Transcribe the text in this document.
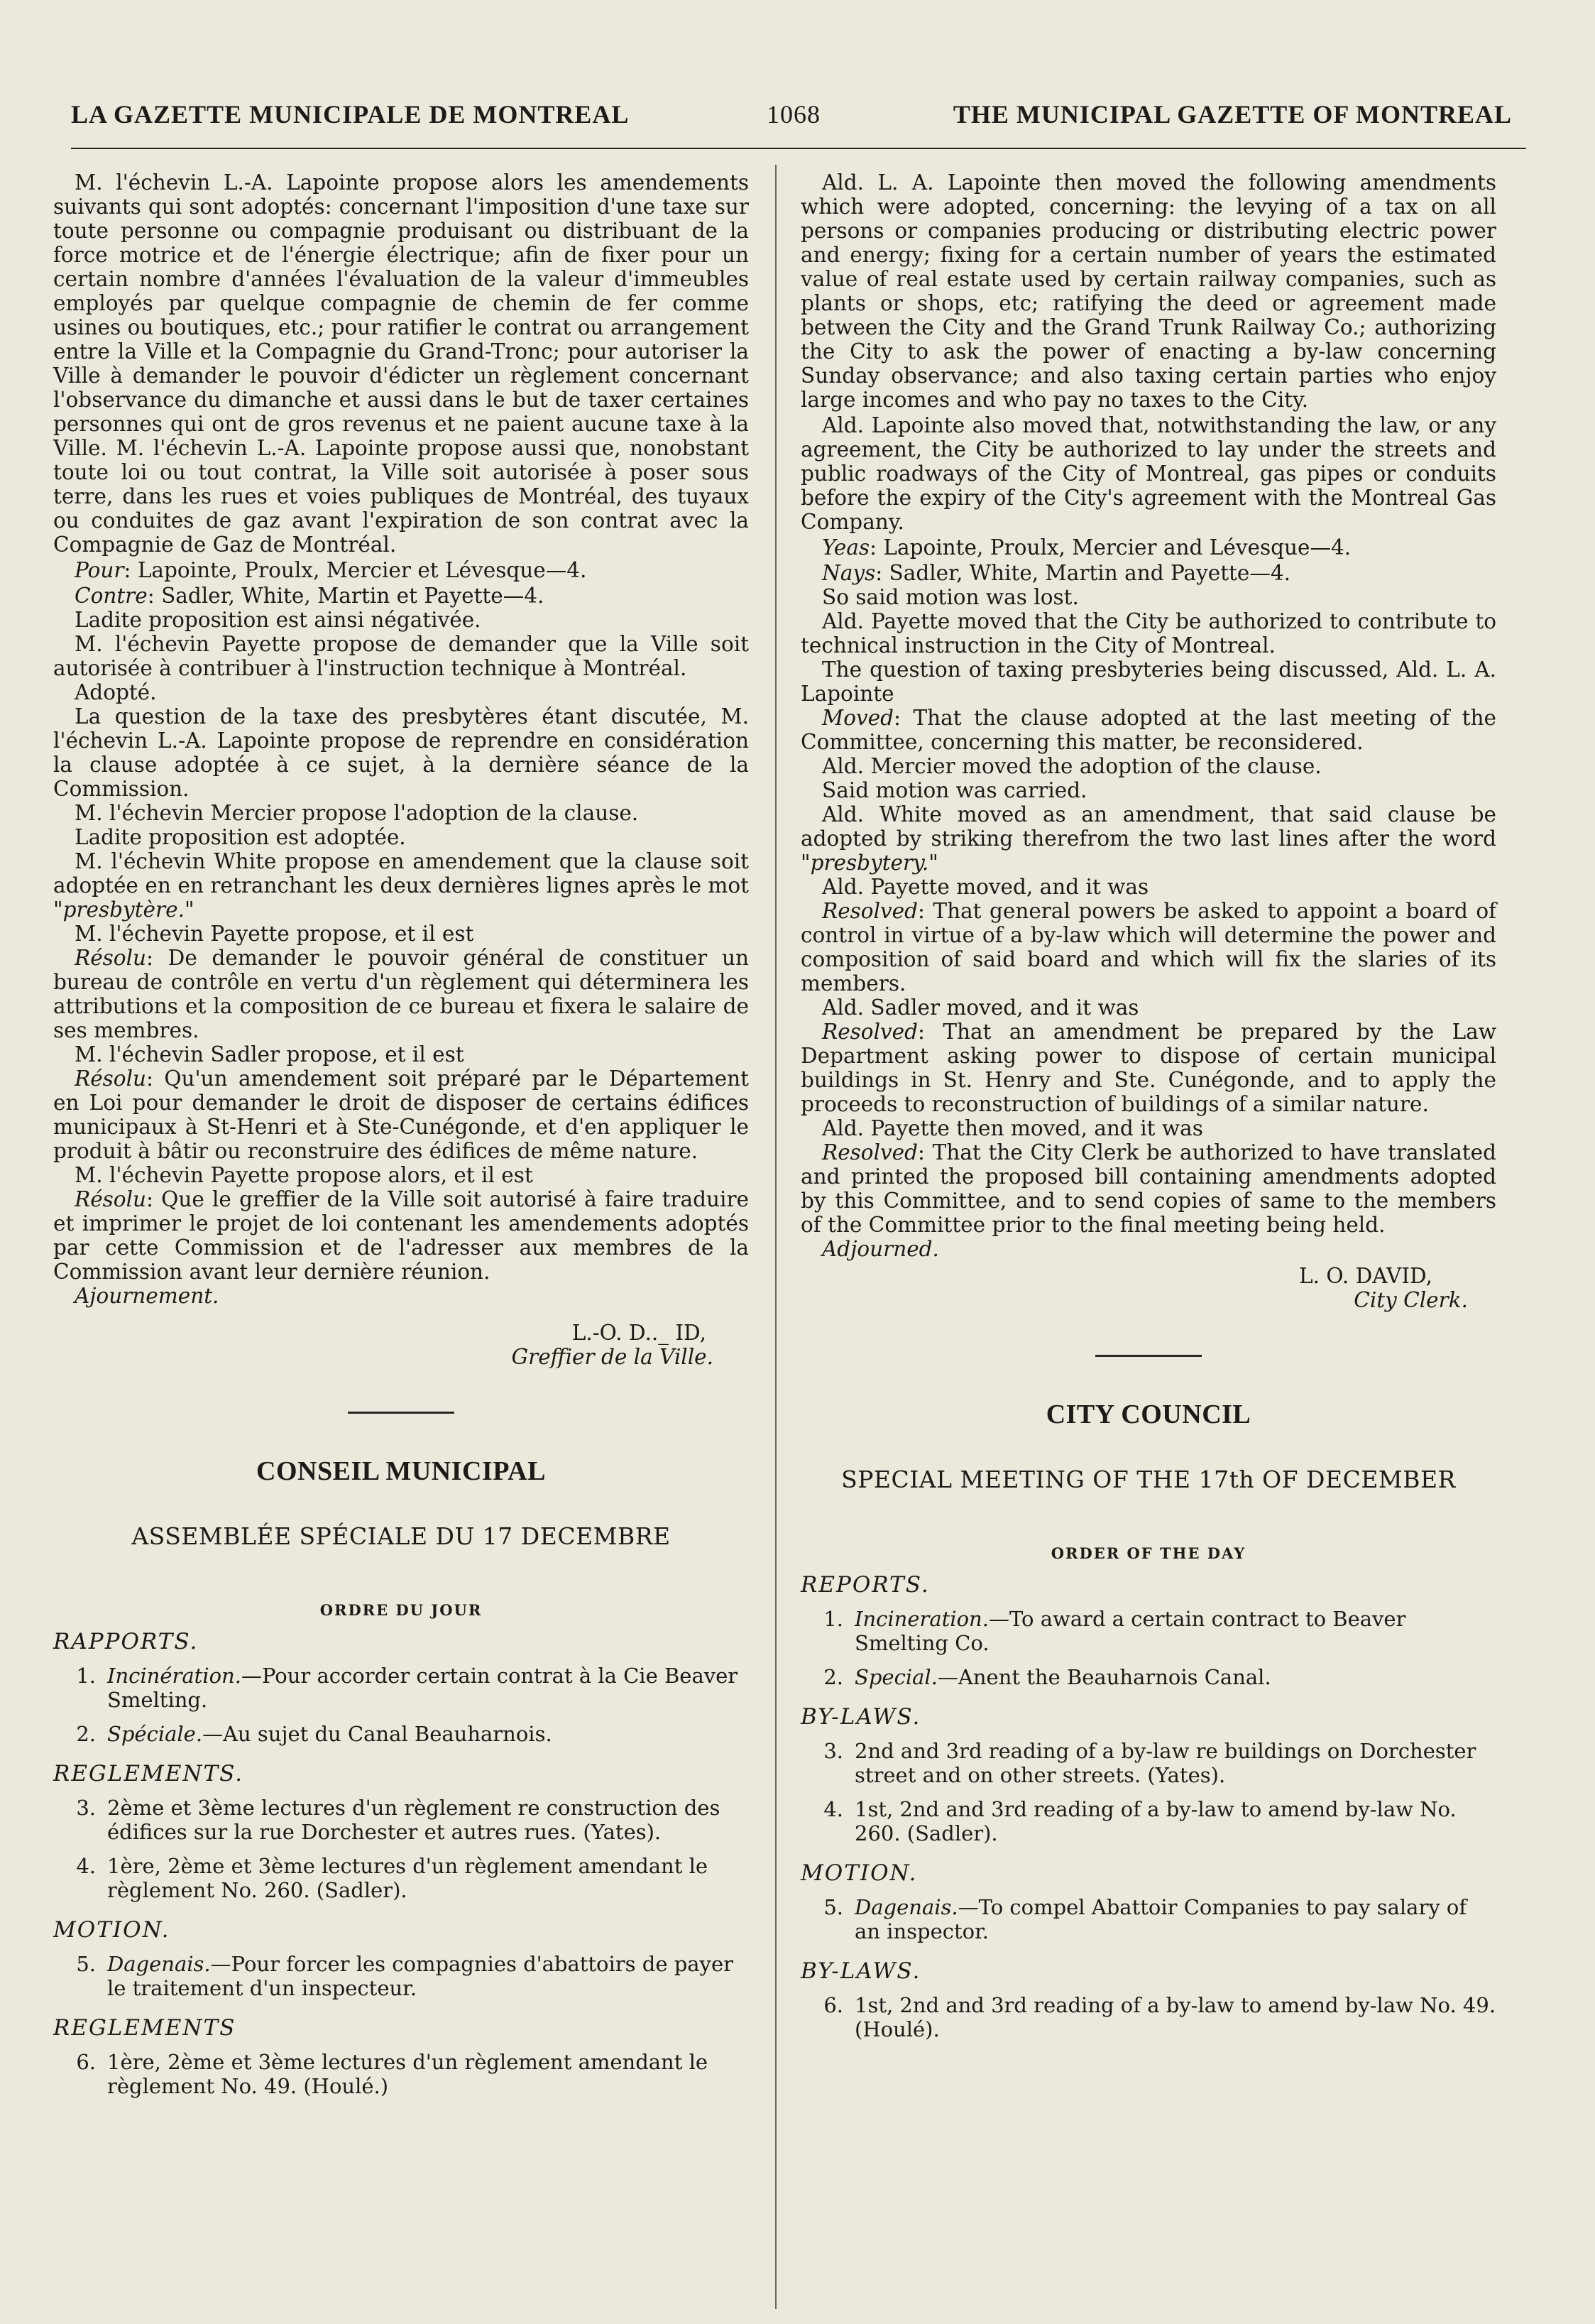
LA GAZETTE MUNICIPALE DE MONTREAL	1068	THE MUNICIPAL GAZETTE OF MONTREAL

M. l'échevin L.-A. Lapointe propose alors les amendements suivants qui sont adoptés: concernant l'imposition d'une taxe sur toute personne ou compagnie produisant ou distribuant de la force motrice et de l'énergie électrique; afin de fixer pour un certain nombre d'années l'évaluation de la valeur d'immeubles employés par quelque compagnie de chemin de fer comme usines ou boutiques, etc.; pour ratifier le contrat ou arrangement entre la Ville et la Compagnie du Grand-Tronc; pour autoriser la Ville à demander le pouvoir d'édicter un règlement concernant l'observance du dimanche et aussi dans le but de taxer certaines personnes qui ont de gros revenus et ne paient aucune taxe à la Ville. M. l'échevin L.-A. Lapointe propose aussi que, nonobstant toute loi ou tout contrat, la Ville soit autorisée à poser sous terre, dans les rues et voies publiques de Montréal, des tuyaux ou conduites de gaz avant l'expiration de son contrat avec la Compagnie de Gaz de Montréal.

Pour: Lapointe, Proulx, Mercier et Lévesque—4.

Contre: Sadler, White, Martin et Payette—4.

Ladite proposition est ainsi négativée.

M. l'échevin Payette propose de demander que la Ville soit autorisée à contribuer à l'instruction technique à Montréal.

Adopté.

La question de la taxe des presbytères étant discutée, M. l'échevin L.-A. Lapointe propose de reprendre en considération la clause adoptée à ce sujet, à la dernière séance de la Commission.

M. l'échevin Mercier propose l'adoption de la clause.

Ladite proposition est adoptée.

M. l'échevin White propose en amendement que la clause soit adoptée en en retranchant les deux dernières lignes après le mot "presbytère."

M. l'échevin Payette propose, et il est

Résolu: De demander le pouvoir général de constituer un bureau de contrôle en vertu d'un règlement qui déterminera les attributions et la composition de ce bureau et fixera le salaire de ses membres.

M. l'échevin Sadler propose, et il est

Résolu: Qu'un amendement soit préparé par le Département en Loi pour demander le droit de disposer de certains édifices municipaux à St-Henri et à Ste-Cunégonde, et d'en appliquer le produit à bâtir ou reconstruire des édifices de même nature.

M. l'échevin Payette propose alors, et il est

Résolu: Que le greffier de la Ville soit autorisé à faire traduire et imprimer le projet de loi contenant les amendements adoptés par cette Commission et de l'adresser aux membres de la Commission avant leur dernière réunion.

Ajournement.

L.-O. D.._ ID,
Greffier de la Ville.
CONSEIL MUNICIPAL
ASSEMBLÉE SPÉCIALE DU 17 DECEMBRE
ORDRE DU JOUR
RAPPORTS.
1. Incinération.—Pour accorder certain contrat à la Cie Beaver Smelting.
2. Spéciale.—Au sujet du Canal Beauharnois.
REGLEMENTS.
3. 2ème et 3ème lectures d'un règlement re construction des édifices sur la rue Dorchester et autres rues. (Yates).
4. 1ère, 2ème et 3ème lectures d'un règlement amendant le règlement No. 260. (Sadler).
MOTION.
5. Dagenais.—Pour forcer les compagnies d'abattoirs de payer le traitement d'un inspecteur.
REGLEMENTS
6. 1ère, 2ème et 3ème lectures d'un règlement amendant le règlement No. 49. (Houlé.)

Ald. L. A. Lapointe then moved the following amendments which were adopted, concerning: the levying of a tax on all persons or companies producing or distributing electric power and energy; fixing for a certain number of years the estimated value of real estate used by certain railway companies, such as plants or shops, etc; ratifying the deed or agreement made between the City and the Grand Trunk Railway Co.; authorizing the City to ask the power of enacting a by-law concerning Sunday observance; and also taxing certain parties who enjoy large incomes and who pay no taxes to the City.

Ald. Lapointe also moved that, notwithstanding the law, or any agreement, the City be authorized to lay under the streets and public roadways of the City of Montreal, gas pipes or conduits before the expiry of the City's agreement with the Montreal Gas Company.

Yeas: Lapointe, Proulx, Mercier and Lévesque—4.

Nays: Sadler, White, Martin and Payette—4.

So said motion was lost.

Ald. Payette moved that the City be authorized to contribute to technical instruction in the City of Montreal.

The question of taxing presbyteries being discussed, Ald. L. A. Lapointe

Moved: That the clause adopted at the last meeting of the Committee, concerning this matter, be reconsidered.

Ald. Mercier moved the adoption of the clause.

Said motion was carried.

Ald. White moved as an amendment, that said clause be adopted by striking therefrom the two last lines after the word "presbytery."

Ald. Payette moved, and it was

Resolved: That general powers be asked to appoint a board of control in virtue of a by-law which will determine the power and composition of said board and which will fix the slaries of its members.

Ald. Sadler moved, and it was

Resolved: That an amendment be prepared by the Law Department asking power to dispose of certain municipal buildings in St. Henry and Ste. Cunégonde, and to apply the proceeds to reconstruction of buildings of a similar nature.

Ald. Payette then moved, and it was

Resolved: That the City Clerk be authorized to have translated and printed the proposed bill containing amendments adopted by this Committee, and to send copies of same to the members of the Committee prior to the final meeting being held.

Adjourned.

L. O. DAVID,
City Clerk.
CITY COUNCIL
SPECIAL MEETING OF THE 17th OF DECEMBER
ORDER OF THE DAY
REPORTS.
1. Incineration.—To award a certain contract to Beaver Smelting Co.
2. Special.—Anent the Beauharnois Canal.
BY-LAWS.
3. 2nd and 3rd reading of a by-law re buildings on Dorchester street and on other streets. (Yates).
4. 1st, 2nd and 3rd reading of a by-law to amend by-law No. 260. (Sadler).
MOTION.
5. Dagenais.—To compel Abattoir Companies to pay salary of an inspector.
BY-LAWS.
6. 1st, 2nd and 3rd reading of a by-law to amend by-law No. 49. (Houlé).
